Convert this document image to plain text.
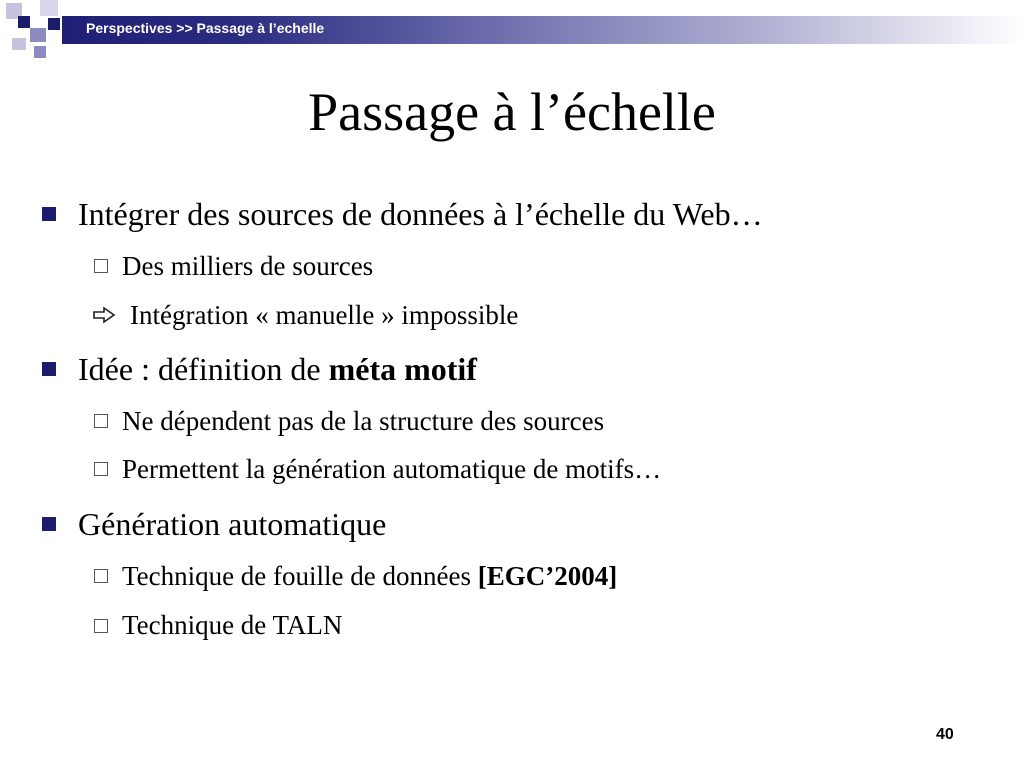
Perspectives >> Passage à l’echelle
Passage à l’échelle
Intégrer des sources de données à l’échelle du Web…
Des milliers de sources
Intégration « manuelle » impossible
Idée : définition de méta motif
Ne dépendent pas de la structure des sources
Permettent la génération automatique de motifs…
Génération automatique
Technique de fouille de données [EGC’2004]
Technique de TALN
40
